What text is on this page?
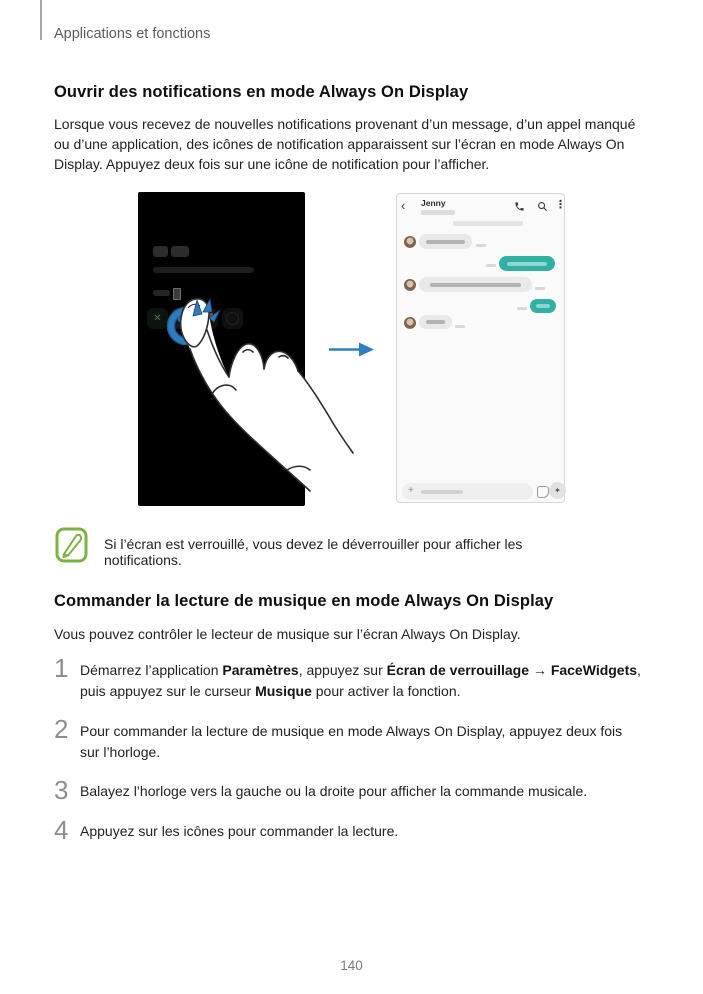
Applications et fonctions
Ouvrir des notifications en mode Always On Display
Lorsque vous recevez de nouvelles notifications provenant d’un message, d’un appel manqué ou d’une application, des icônes de notification apparaissent sur l’écran en mode Always On Display. Appuyez deux fois sur une icône de notification pour l’afficher.
✕
‹ Jenny	⋮
+	✦
Si l’écran est verrouillé, vous devez le déverrouiller pour afficher les notifications.
Commander la lecture de musique en mode Always On Display
Vous pouvez contrôler le lecteur de musique sur l’écran Always On Display.
1 Démarrez l’application Paramètres, appuyez sur Écran de verrouillage → FaceWidgets, puis appuyez sur le curseur Musique pour activer la fonction.
2 Pour commander la lecture de musique en mode Always On Display, appuyez deux fois sur l’horloge.
3 Balayez l’horloge vers la gauche ou la droite pour afficher la commande musicale.
4 Appuyez sur les icônes pour commander la lecture.
140
